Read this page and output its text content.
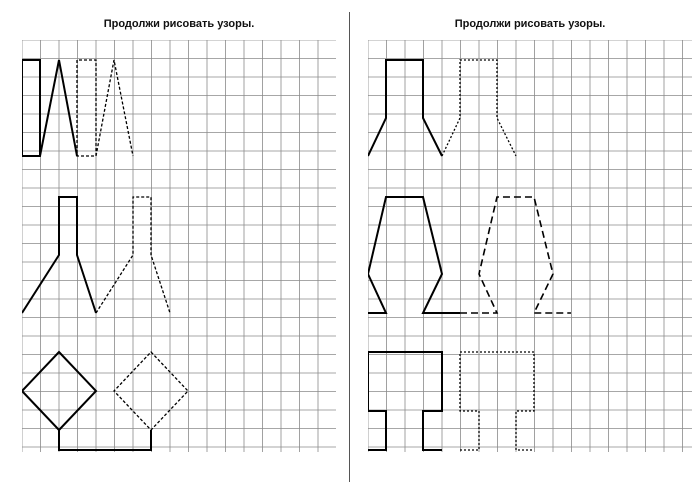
Продолжи рисовать узоры.	Продолжи рисовать узоры.
